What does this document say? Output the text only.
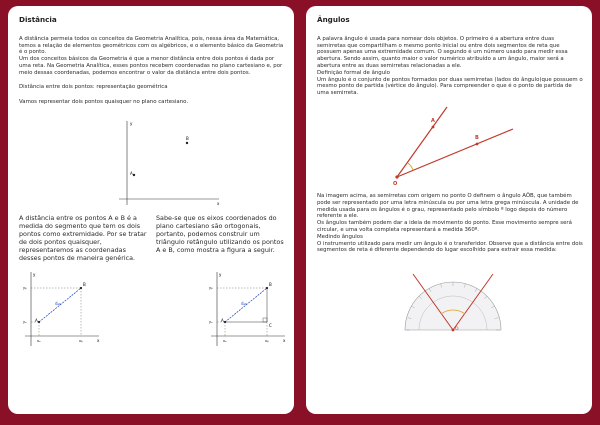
Distância
A distância permeia todos os conceitos da Geometria Analítica, pois, nessa área da Matemática, temos a relação de elementos geométricos com os algébricos, e o elemento básico da Geometria é o ponto.
Um dos conceitos básicos da Geometria é que a menor distância entre dois pontos é dada por uma reta. Na Geometria Analítica, esses pontos recebem coordenadas no plano cartesiano e, por meio dessas coordenadas, podemos encontrar o valor da distância entre dois pontos.
Distância entre dois pontos: representação geométrica
Vamos representar dois pontos quaisquer no plano cartesiano.
y
x
A
B
A distância entre os pontos A e B é a medida do segmento que tem os dois pontos como extremidade. Por se tratar de dois pontos quaisquer, representaremos as coordenadas desses pontos de maneira genérica.
Sabe-se que os eixos coordenados do plano cartesiano são ortogonais, portanto, podemos construir um triângulo retângulo utilizando os pontos A e B, como mostra a figura a seguir.
y
x
A
B
dₐᵦ
yᵦ
yₐ
xₐ	xᵦ
y
x
A
B
C
dₐᵦ
yᵦ
yₐ
xₐ	xᵦ
Ângulos
A palavra ângulo é usada para nomear dois objetos. O primeiro é a abertura entre duas semirretas que compartilham o mesmo ponto inicial ou entre dois segmentos de reta que possuem apenas uma extremidade comum. O segundo é um número usado para medir essa abertura. Sendo assim, quanto maior o valor numérico atribuído a um ângulo, maior será a abertura entre as duas semirretas relacionadas a ele.
Definição formal de ângulo
Um ângulo é o conjunto de pontos formados por duas semirretas (lados do ângulo)que possuem o mesmo ponto de partida (vértice do ângulo). Para compreender o que é o ponto de partida de uma semirreta.
O
A
B
Na imagem acima, as semirretas com origem no ponto O definem o ângulo AÔB, que também pode ser representado por uma letra minúscula ou por uma letra grega minúscula. A unidade de medida usada para os ângulos é o grau, representado pelo símbolo º logo depois do número referente a ele.
Os ângulos também podem dar a ideia de movimento do ponto. Esse movimento sempre será circular, e uma volta completa representará a medida 360º.
Medindo ângulos
O instrumento utilizado para medir um ângulo é o transferidor. Observe que a distância entre dois segmentos de reta é diferente dependendo do lugar escolhido para extrair essa medida:
O
